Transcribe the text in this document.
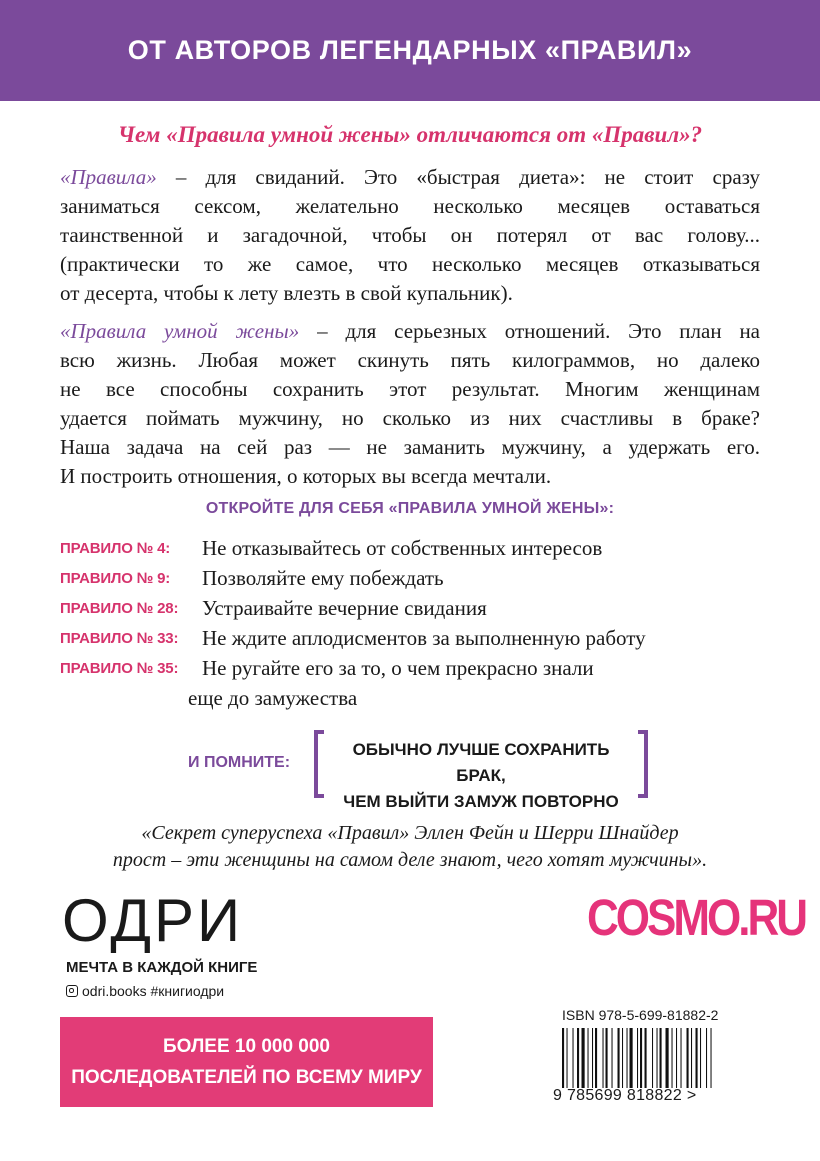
ОТ АВТОРОВ ЛЕГЕНДАРНЫХ «ПРАВИЛ»
Чем «Правила умной жены» отличаются от «Правил»?
«Правила» – для свиданий. Это «быстрая диета»: не стоит сразу
заниматься сексом, желательно несколько месяцев оставаться
таинственной и загадочной, чтобы он потерял от вас голову...
(практически то же самое, что несколько месяцев отказываться
от десерта, чтобы к лету влезть в свой купальник).
«Правила умной жены» – для серьезных отношений. Это план на
всю жизнь. Любая может скинуть пять килограммов, но далеко
не все способны сохранить этот результат. Многим женщинам
удается поймать мужчину, но сколько из них счастливы в браке?
Наша задача на сей раз — не заманить мужчину, а удержать его.
И построить отношения, о которых вы всегда мечтали.
ОТКРОЙТЕ ДЛЯ СЕБЯ «ПРАВИЛА УМНОЙ ЖЕНЫ»:
ПРАВИЛО № 4: Не отказывайтесь от собственных интересов
ПРАВИЛО № 9: Позволяйте ему побеждать
ПРАВИЛО № 28: Устраивайте вечерние свидания
ПРАВИЛО № 33: Не ждите аплодисментов за выполненную работу
ПРАВИЛО № 35: Не ругайте его за то, о чем прекрасно знали
еще до замужества
И ПОМНИТЕ:
ОБЫЧНО ЛУЧШЕ СОХРАНИТЬ БРАК,
ЧЕМ ВЫЙТИ ЗАМУЖ ПОВТОРНО
«Секрет суперуспеха «Правил» Эллен Фейн и Шерри Шнайдер
прост – эти женщины на самом деле знают, чего хотят мужчины».
ОДРИ
МЕЧТА В КАЖДОЙ КНИГЕ
odri.books #книгиодри
COSMO.RU
БОЛЕЕ 10 000 000
ПОСЛЕДОВАТЕЛЕЙ ПО ВСЕМУ МИРУ
ISBN 978-5-699-81882-2
9 785699 818822 >
